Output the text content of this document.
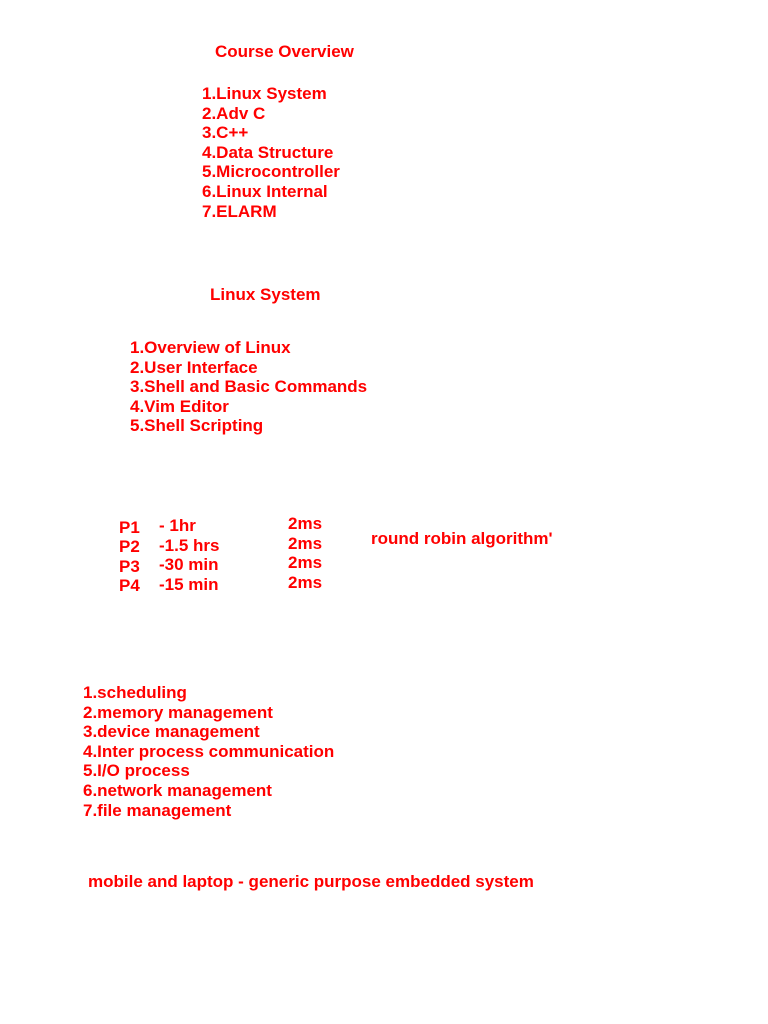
Course Overview
1.Linux System
2.Adv C
3.C++
4.Data Structure
5.Microcontroller
6.Linux Internal
7.ELARM
Linux System
1.Overview of Linux
2.User Interface
3.Shell and Basic Commands
4.Vim Editor
5.Shell Scripting
P1
P2
P3
P4
- 1hr
-1.5 hrs
-30 min
-15 min
2ms
2ms
2ms
2ms
round robin algorithm'
1.scheduling
2.memory management
3.device management
4.Inter process communication
5.I/O process
6.network management
7.file management
mobile and laptop - generic purpose embedded system
